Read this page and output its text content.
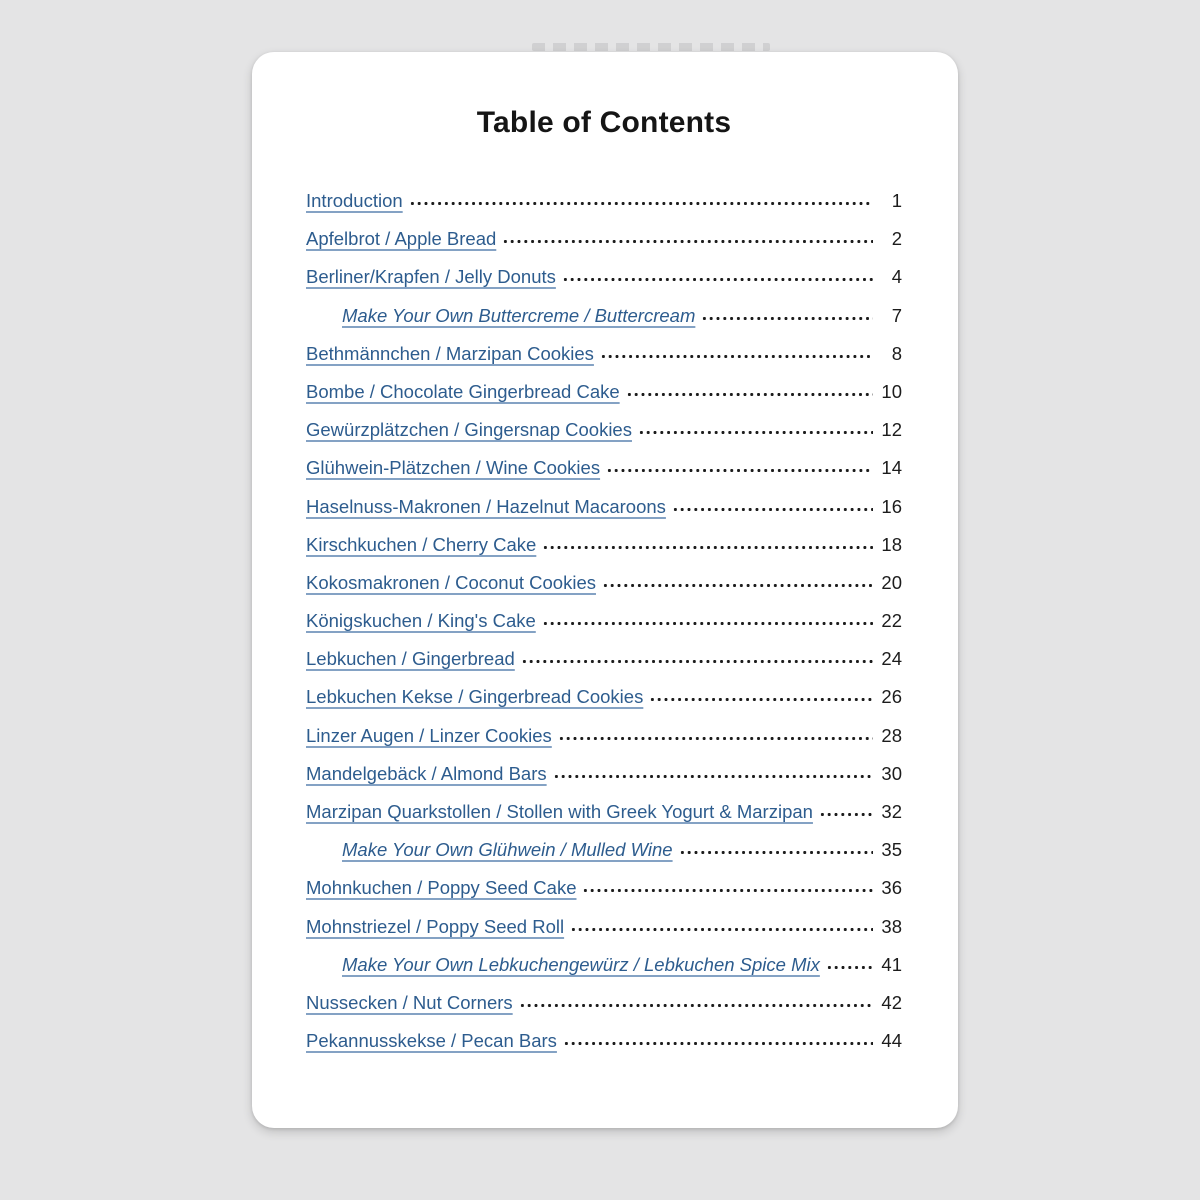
Table of Contents
Introduction	1
Apfelbrot / Apple Bread	2
Berliner/Krapfen / Jelly Donuts	4
Make Your Own Buttercreme / Buttercream	7
Bethmännchen / Marzipan Cookies	8
Bombe / Chocolate Gingerbread Cake	10
Gewürzplätzchen / Gingersnap Cookies	12
Glühwein-Plätzchen / Wine Cookies	14
Haselnuss-Makronen / Hazelnut Macaroons	16
Kirschkuchen / Cherry Cake	18
Kokosmakronen / Coconut Cookies	20
Königskuchen / King's Cake	22
Lebkuchen / Gingerbread	24
Lebkuchen Kekse / Gingerbread Cookies	26
Linzer Augen / Linzer Cookies	28
Mandelgebäck / Almond Bars	30
Marzipan Quarkstollen / Stollen with Greek Yogurt & Marzipan	32
Make Your Own Glühwein / Mulled Wine	35
Mohnkuchen / Poppy Seed Cake	36
Mohnstriezel / Poppy Seed Roll	38
Make Your Own Lebkuchengewürz / Lebkuchen Spice Mix	41
Nussecken / Nut Corners	42
Pekannusskekse / Pecan Bars	44
